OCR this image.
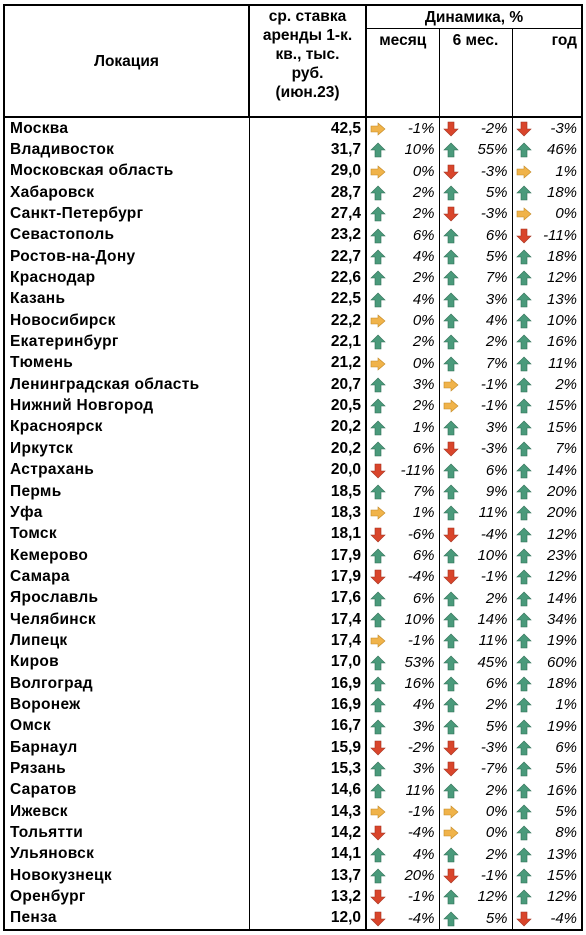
Локация	ср. ставка
аренды 1-к.
кв., тыс.
руб.
(июн.23)	Динамика, %		
		месяц	6 мес.	год
Москва	42,5	-1%	-2%	-3%

Владивосток	31,7	10%	55%	46%

Московская область	29,0	0%	-3%	1%

Хабаровск	28,7	2%	5%	18%

Санкт-Петербург	27,4	2%	-3%	0%

Севастополь	23,2	6%	6%	-11%

Ростов-на-Дону	22,7	4%	5%	18%

Краснодар	22,6	2%	7%	12%

Казань	22,5	4%	3%	13%

Новосибирск	22,2	0%	4%	10%

Екатеринбург	22,1	2%	2%	16%

Тюмень	21,2	0%	7%	11%

Ленинградская область	20,7	3%	-1%	2%

Нижний Новгород	20,5	2%	-1%	15%

Красноярск	20,2	1%	3%	15%

Иркутск	20,2	6%	-3%	7%

Астрахань	20,0	-11%	6%	14%

Пермь	18,5	7%	9%	20%

Уфа	18,3	1%	11%	20%

Томск	18,1	-6%	-4%	12%

Кемерово	17,9	6%	10%	23%

Самара	17,9	-4%	-1%	12%

Ярославль	17,6	6%	2%	14%

Челябинск	17,4	10%	14%	34%

Липецк	17,4	-1%	11%	19%

Киров	17,0	53%	45%	60%

Волгоград	16,9	16%	6%	18%

Воронеж	16,9	4%	2%	1%

Омск	16,7	3%	5%	19%

Барнаул	15,9	-2%	-3%	6%

Рязань	15,3	3%	-7%	5%

Саратов	14,6	11%	2%	16%

Ижевск	14,3	-1%	0%	5%

Тольятти	14,2	-4%	0%	8%

Ульяновск	14,1	4%	2%	13%

Новокузнецк	13,7	20%	-1%	15%

Оренбург	13,2	-1%	12%	12%

Пенза	12,0	-4%	5%	-4%
